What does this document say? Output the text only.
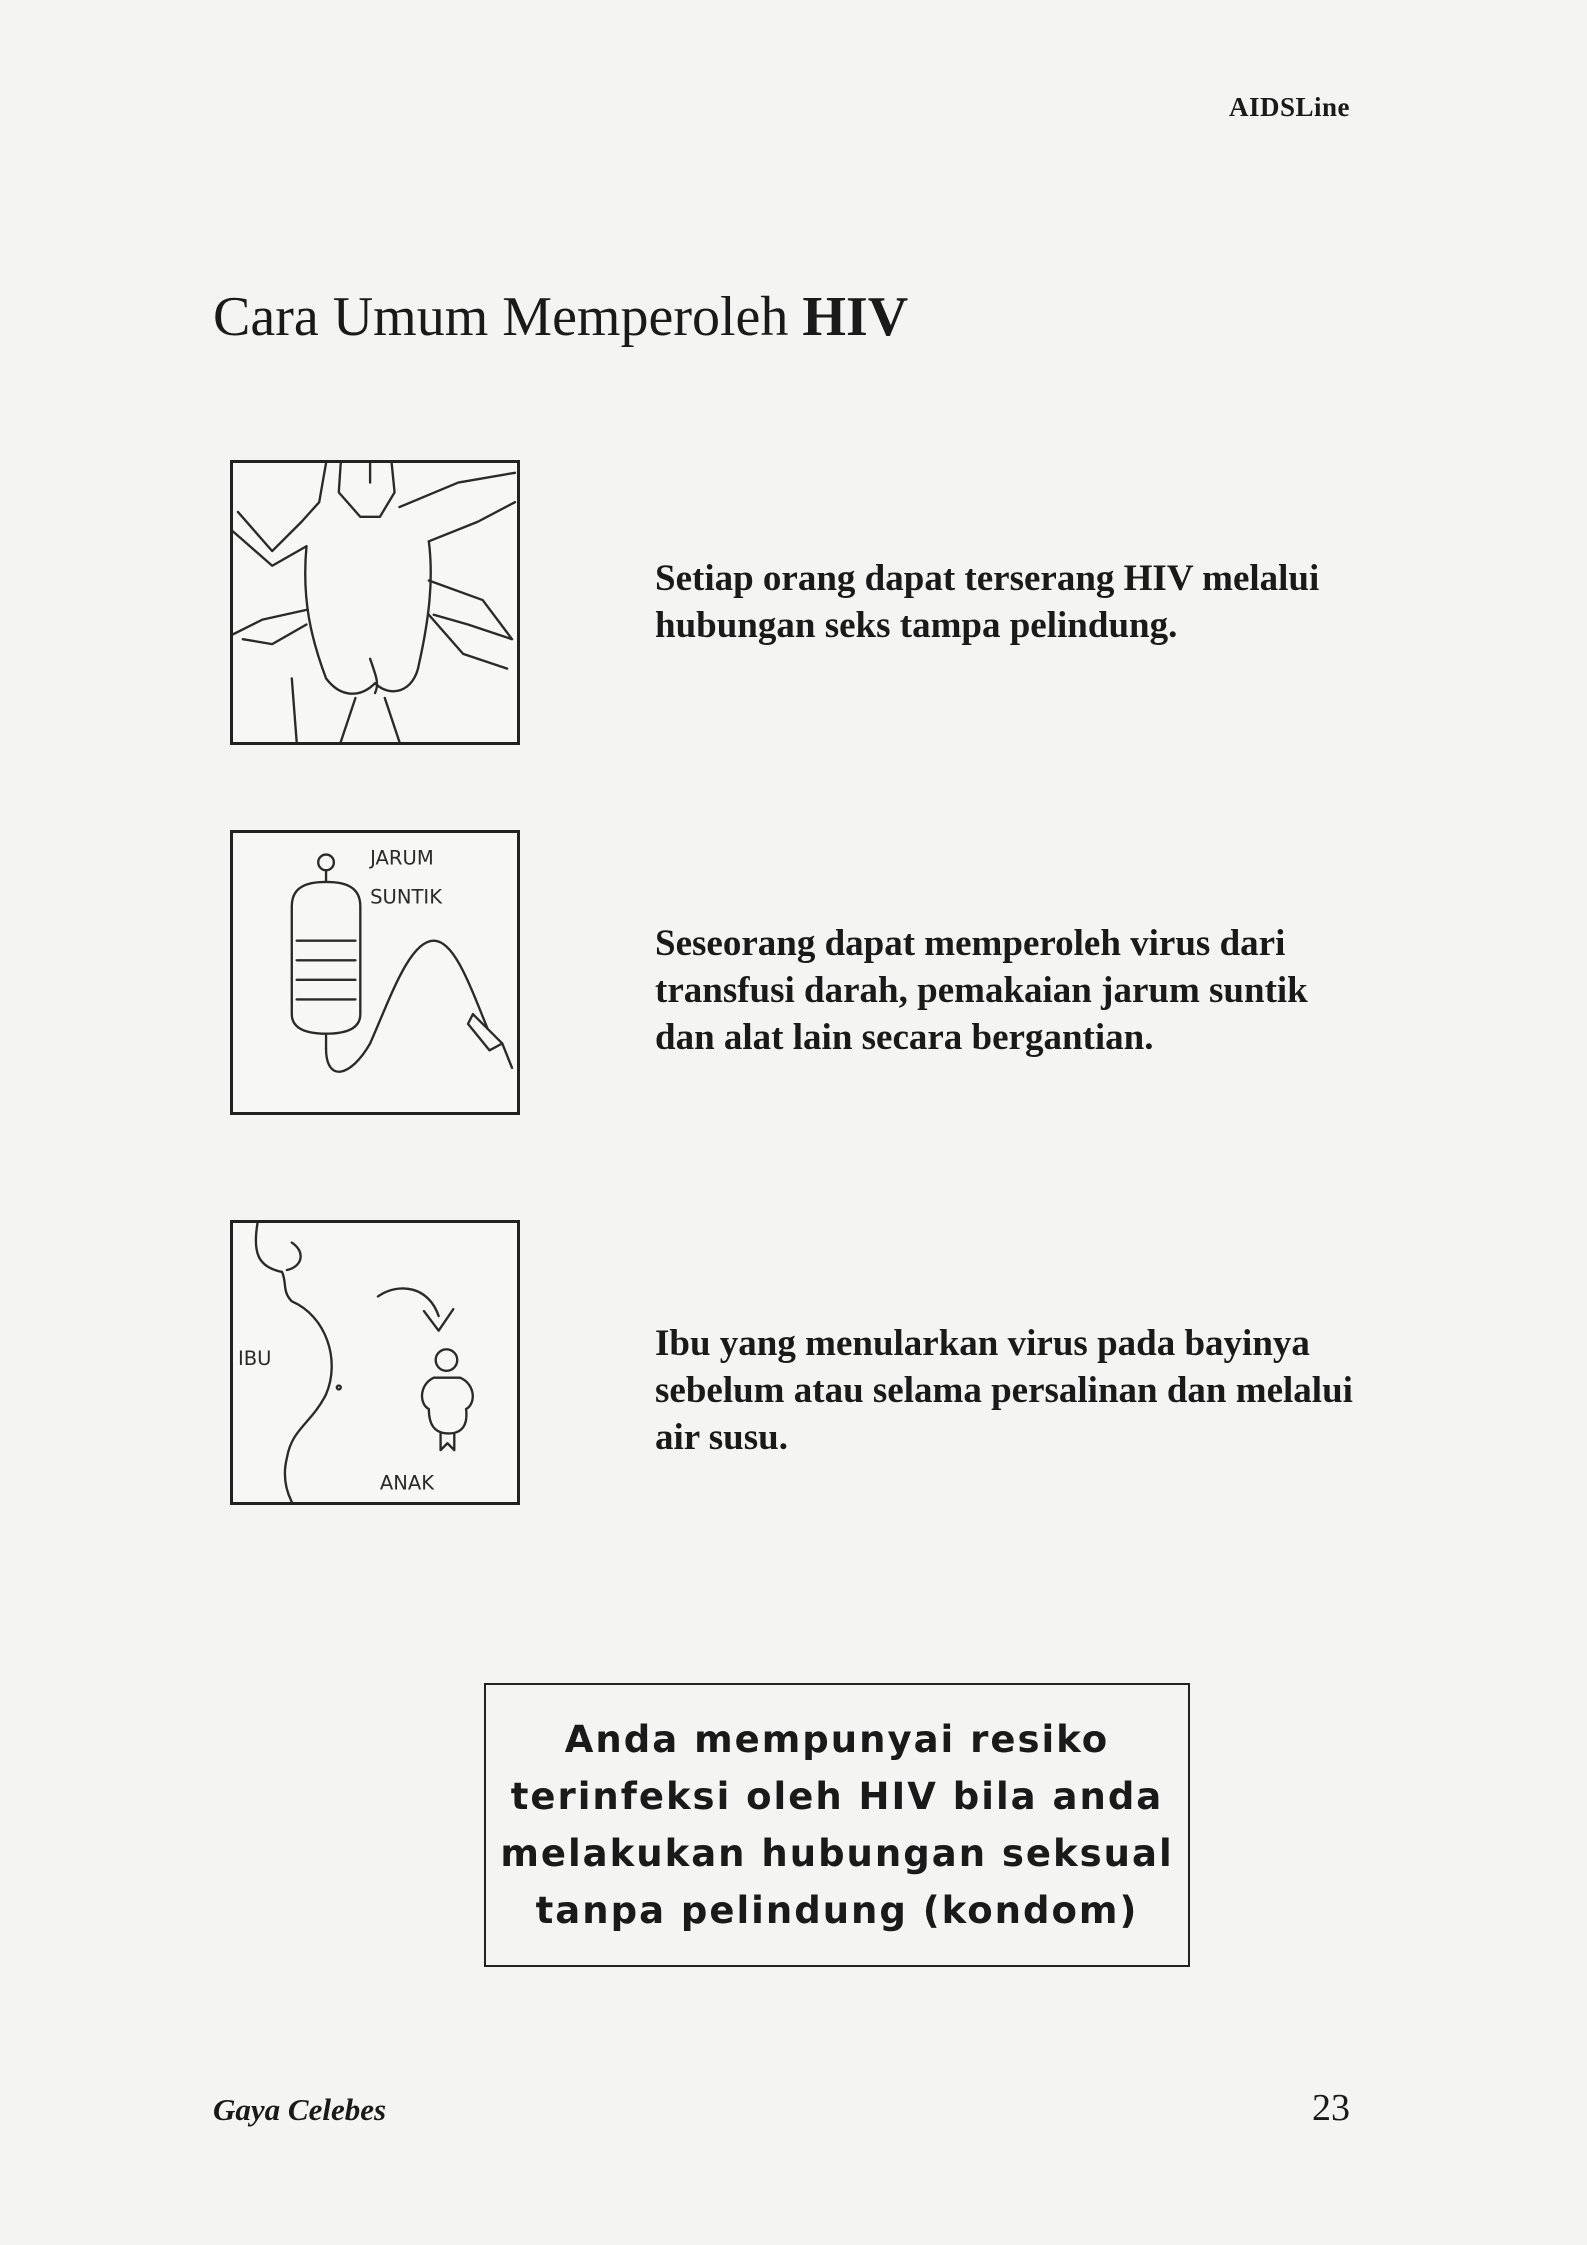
AIDSLine
Cara Umum Memperoleh HIV
Setiap orang dapat terserang HIV melalui hubungan seks tampa pelindung.
JARUM
SUNTIK
Seseorang dapat memperoleh virus dari transfusi darah, pemakaian jarum suntik dan alat lain secara bergantian.
IBU
ANAK
Ibu yang menularkan virus pada bayinya sebelum atau selama persalinan dan melalui air susu.
Anda mempunyai resiko
terinfeksi oleh HIV bila anda
melakukan hubungan seksual
tanpa pelindung (kondom)
Gaya Celebes	23
